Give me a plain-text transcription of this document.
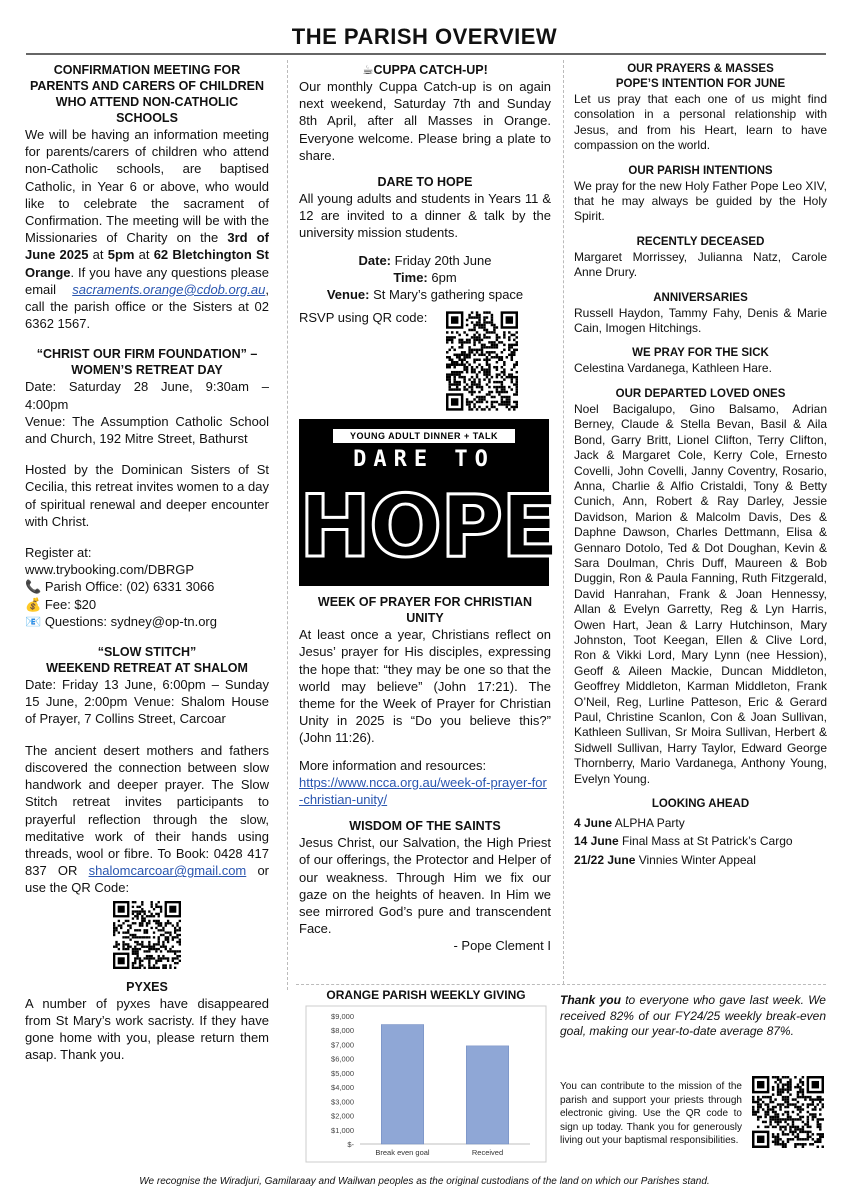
THE PARISH OVERVIEW
CONFIRMATION MEETING FOR PARENTS AND CARERS OF CHILDREN WHO ATTEND NON-CATHOLIC SCHOOLS
We will be having an information meeting for parents/carers of children who attend non-Catholic schools, are baptised Catholic, in Year 6 or above, who would like to celebrate the sacrament of Confirmation. The meeting will be with the Missionaries of Charity on the 3rd of June 2025 at 5pm at 62 Bletchington St Orange. If you have any questions please email sacraments.orange@cdob.org.au, call the parish office or the Sisters at 02 6362 1567.
“CHRIST OUR FIRM FOUNDATION” – WOMEN’S RETREAT DAY
Date: Saturday 28 June, 9:30am – 4:00pm
Venue: The Assumption Catholic School and Church, 192 Mitre Street, Bathurst
Hosted by the Dominican Sisters of St Cecilia, this retreat invites women to a day of spiritual renewal and deeper encounter with Christ.
Register at:
www.trybooking.com/DBRGP
📞 Parish Office: (02) 6331 3066
💰 Fee: $20
📧 Questions: sydney@op-tn.org
“SLOW STITCH”
WEEKEND RETREAT AT SHALOM
Date: Friday 13 June, 6:00pm – Sunday 15 June, 2:00pm Venue: Shalom House of Prayer, 7 Collins Street, Carcoar
The ancient desert mothers and fathers discovered the connection between slow handwork and deeper prayer. The Slow Stitch retreat invites participants to prayerful reflection through the slow, meditative work of their hands using threads, wool or fibre. To Book: 0428 417 837 OR shalomcarcoar@gmail.com or use the QR Code:
PYXES
A number of pyxes have disappeared from St Mary’s work sacristy. If they have gone home with you, please return them asap. Thank you.
☕CUPPA CATCH-UP!
Our monthly Cuppa Catch-up is on again next weekend, Saturday 7th and Sunday 8th April, after all Masses in Orange. Everyone welcome. Please bring a plate to share.
DARE TO HOPE
All young adults and students in Years 11 & 12 are invited to a dinner & talk by the university mission students.
Date: Friday 20th June
Time: 6pm
Venue: St Mary’s gathering space
RSVP using QR code:
YOUNG ADULT DINNER + TALK
DARE TO
HOPE
WEEK OF PRAYER FOR CHRISTIAN UNITY
At least once a year, Christians reflect on Jesus’ prayer for His disciples, expressing the hope that: “they may be one so that the world may believe” (John 17:21). The theme for the Week of Prayer for Christian Unity in 2025 is “Do you believe this?” (John 11:26).
More information and resources:
https://www.ncca.org.au/week-of-prayer-for-christian-unity/
WISDOM OF THE SAINTS
Jesus Christ, our Salvation, the High Priest of our offerings, the Protector and Helper of our weakness. Through Him we fix our gaze on the heights of heaven. In Him we see mirrored God’s pure and transcendent Face.
- Pope Clement I
OUR PRAYERS & MASSES
POPE’S INTENTION FOR JUNE
Let us pray that each one of us might find consolation in a personal relationship with Jesus, and from his Heart, learn to have compassion on the world.
OUR PARISH INTENTIONS
We pray for the new Holy Father Pope Leo XIV, that he may always be guided by the Holy Spirit.
RECENTLY DECEASED
Margaret Morrissey, Julianna Natz, Carole Anne Drury.
ANNIVERSARIES
Russell Haydon, Tammy Fahy, Denis & Marie Cain, Imogen Hitchings.
WE PRAY FOR THE SICK
Celestina Vardanega, Kathleen Hare.
OUR DEPARTED LOVED ONES
Noel Bacigalupo, Gino Balsamo, Adrian Berney, Claude & Stella Bevan, Basil & Aila Bond, Garry Britt, Lionel Clifton, Terry Clifton, Jack & Margaret Cole, Kerry Cole, Ernesto Covelli, John Covelli, Janny Coventry, Rosario, Anna, Charlie & Alfio Cristaldi, Tony & Betty Cunich, Ann, Robert & Ray Darley, Jessie Davidson, Marion & Malcolm Davis, Des & Daphne Dawson, Charles Dettmann, Elisa & Gennaro Dotolo, Ted & Dot Doughan, Kevin & Sara Doulman, Chris Duff, Maureen & Bob Duggin, Ron & Paula Fanning, Ruth Fitzgerald, David Hanrahan, Frank & Joan Hennessy, Allan & Evelyn Garretty, Reg & Lyn Harris, Owen Hart, Jean & Larry Hutchinson, Mary Johnston, Toot Keegan, Ellen & Clive Lord, Ron & Vikki Lord, Mary Lynn (nee Hession), Geoff & Aileen Mackie, Duncan Middleton, Geoffrey Middleton, Karman Middleton, Frank O’Neil, Reg, Lurline Patteson, Eric & Gerard Paul, Christine Scanlon, Con & Joan Sullivan, Kathleen Sullivan, Sr Moira Sullivan, Herbert & Sidwell Sullivan, Harry Taylor, Edward George Thornberry, Mario Vardanega, Anthony Young, Evelyn Young.
LOOKING AHEAD
4 June ALPHA Party
14 June Final Mass at St Patrick’s Cargo
21/22 June Vinnies Winter Appeal
ORANGE PARISH WEEKLY GIVING
$-
$1,000
$2,000
$3,000
$4,000
$5,000
$6,000
$7,000
$8,000
$9,000
Break even goal	Received
Thank you to everyone who gave last week. We received 82% of our FY24/25 weekly break-even goal, making our year-to-date average 87%.
You can contribute to the mission of the parish and support your priests through electronic giving. Use the QR code to sign up today. Thank you for generously living out your baptismal responsibilities.
We recognise the Wiradjuri, Gamilaraay and Wailwan peoples as the original custodians of the land on which our Parishes stand.
